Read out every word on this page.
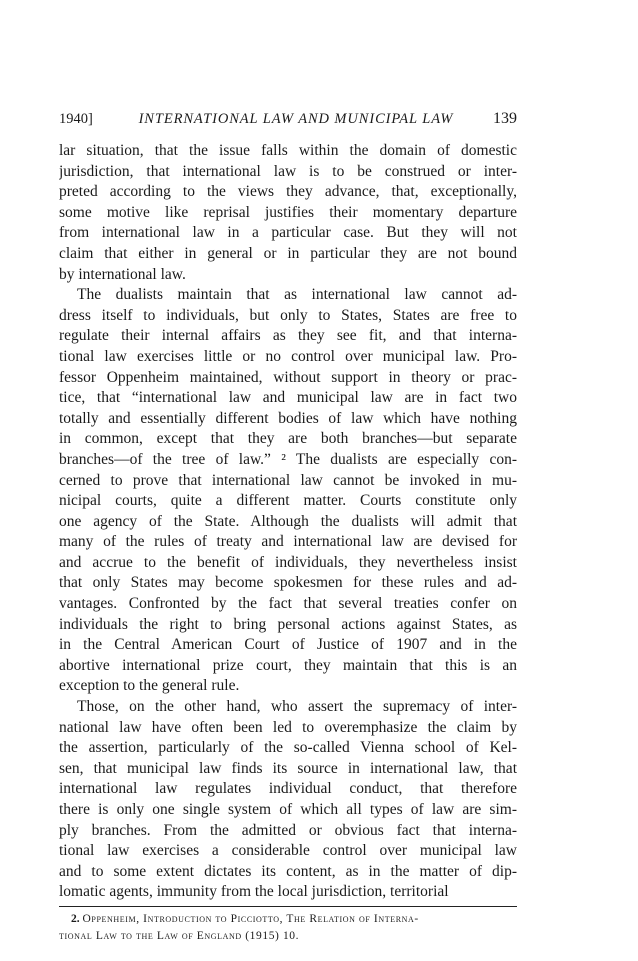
1940]	INTERNATIONAL LAW AND MUNICIPAL LAW	139
lar situation, that the issue falls within the domain of domestic
jurisdiction, that international law is to be construed or inter-
preted according to the views they advance, that, exceptionally,
some motive like reprisal justifies their momentary departure
from international law in a particular case. But they will not
claim that either in general or in particular they are not bound
by international law.
The dualists maintain that as international law cannot ad-
dress itself to individuals, but only to States, States are free to
regulate their internal affairs as they see fit, and that interna-
tional law exercises little or no control over municipal law. Pro-
fessor Oppenheim maintained, without support in theory or prac-
tice, that “international law and municipal law are in fact two
totally and essentially different bodies of law which have nothing
in common, except that they are both branches—but separate
branches—of the tree of law.” ² The dualists are especially con-
cerned to prove that international law cannot be invoked in mu-
nicipal courts, quite a different matter. Courts constitute only
one agency of the State. Although the dualists will admit that
many of the rules of treaty and international law are devised for
and accrue to the benefit of individuals, they nevertheless insist
that only States may become spokesmen for these rules and ad-
vantages. Confronted by the fact that several treaties confer on
individuals the right to bring personal actions against States, as
in the Central American Court of Justice of 1907 and in the
abortive international prize court, they maintain that this is an
exception to the general rule.
Those, on the other hand, who assert the supremacy of inter-
national law have often been led to overemphasize the claim by
the assertion, particularly of the so-called Vienna school of Kel-
sen, that municipal law finds its source in international law, that
international law regulates individual conduct, that therefore
there is only one single system of which all types of law are sim-
ply branches. From the admitted or obvious fact that interna-
tional law exercises a considerable control over municipal law
and to some extent dictates its content, as in the matter of dip-
lomatic agents, immunity from the local jurisdiction, territorial
2. Oppenheim, Introduction to Picciotto, The Relation of Interna-
tional Law to the Law of England (1915) 10.
